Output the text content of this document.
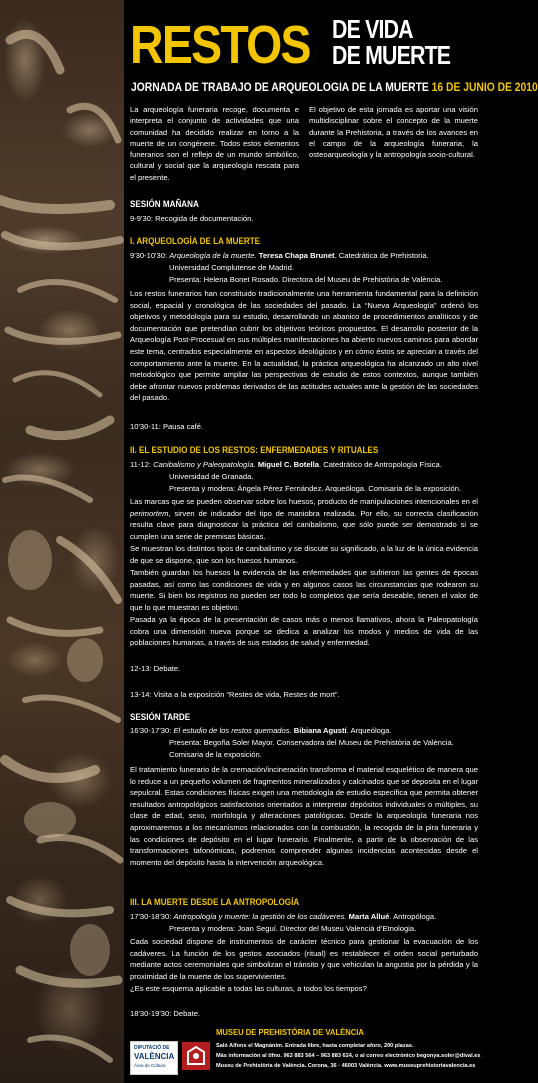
RESTOS DE VIDA

DE MUERTE

JORNADA DE TRABAJO DE ARQUEOLOGIA DE LA MUERTE 16 DE JUNIO DE 2010

La arqueología funeraria recoge, documenta e interpreta el conjunto de actividades que una comunidad ha decidido realizar en torno a la muerte de un congénere. Todos estos elementos funerarios son el reflejo de un mundo simbólico, cultural y social que la arqueología rescata para el presente.
El objetivo de esta jornada es aportar una visión multidisciplinar sobre el concepto de la muerte durante la Prehistoria, a través de los avances en el campo de la arqueología funeraria, la osteoarqueología y la antropología socio-cultural.

SESIÓN MAÑANA

9-9'30: Recogida de documentación.

I. ARQUEOLOGÍA DE LA MUERTE

9'30-10'30: Arqueología de la muerte. Teresa Chapa Brunet. Catedrática de Prehistoria.

Universidad Complutense de Madrid.

Presenta: Helena Bonet Rosado. Directora del Museu de Prehistòria de València.

Los restos funerarios han constituido tradicionalmente una herramienta fundamental para la definición social, espacial y cronológica de las sociedades del pasado. La “Nueva Arqueología” ordenó los objetivos y metodología para su estudio, desarrollando un abanico de procedimientos analíticos y de documentación que pretendían cubrir los objetivos teóricos propuestos. El desarrollo posterior de la Arqueología Post-Procesual en sus múltiples manifestaciones ha abierto nuevos caminos para abordar este tema, centrados especialmente en aspectos ideológicos y en cómo éstos se aprecian a través del comportamiento ante la muerte. En la actualidad, la práctica arqueológica ha alcanzado un alto nivel metodológico que permite ampliar las perspectivas de estudio de estos contextos, aunque también debe afrontar nuevos problemas derivados de las actitudes actuales ante la gestión de las sociedades del pasado.

10'30-11: Pausa café.

II. EL ESTUDIO DE LOS RESTOS: ENFERMEDADES Y RITUALES

11-12: Canibalismo y Paleopatología. Miguel C. Botella. Catedrático de Antropología Física.

Universidad de Granada.

Presenta y modera: Ángela Pérez Fernández. Arqueóloga. Comisaria de la exposición.

Las marcas que se pueden observar sobre los huesos, producto de manipulaciones intencionales en el perimortem, sirven de indicador del tipo de maniobra realizada. Por ello, su correcta clasificación resulta clave para diagnosticar la práctica del canibalismo, que sólo puede ser demostrado si se cumplen una serie de premisas básicas.
Se muestran los distintos tipos de canibalismo y se discute su significado, a la luz de la única evidencia de que se dispone, que son los huesos humanos.
También guardan los huesos la evidencia de las enfermedades que sufrieron las gentes de épocas pasadas, así como las condiciones de vida y en algunos casos las circunstancias que rodearon su muerte. Si bien los registros no pueden ser todo lo completos que sería deseable, tienen el valor de que lo que muestran es objetivo.
Pasada ya la época de la presentación de casos más o menos llamativos, ahora la Paleopatología cobra una dimensión nueva porque se dedica a analizar los modos y medios de vida de las poblaciones humanas, a través de sus estados de salud y enfermedad.

12-13: Debate.

13-14: Visita a la exposición “Restes de vida, Restes de mort”.

SESIÓN TARDE

16'30-17'30: El estudio de los restos quemados. Bibiana Agustí. Arqueóloga.

Presenta: Begoña Soler Mayor. Conservadora del Museu de Prehistòria de València.

Comisaria de la exposición.

El tratamiento funerario de la cremación/incineración transforma el material esquelético de manera que lo reduce a un pequeño volumen de fragmentos mineralizados y calcinados que se deposita en el lugar sepulcral. Estas condiciones físicas exigen una metodología de estudio específica que permita obtener resultados antropológicos satisfactorios orientados a interpretar depósitos individuales o múltiples, su clase de edad, sexo, morfología y alteraciones patológicas. Desde la arqueología funeraria nos aproximaremos a los mecanismos relacionados con la combustión, la recogida de la pira funeraria y las condiciones de depósito en el lugar funerario. Finalmente, a partir de la observación de las transformaciones tafonómicas, podremos comprender algunas incidencias acontecidas desde el momento del depósito hasta la intervención arqueológica.

III. LA MUERTE DESDE LA ANTROPOLOGÍA

17'30-18'30: Antropología y muerte: la gestión de los cadáveres. Marta Allué. Antropóloga.

Presenta y modera: Joan Seguí. Director del Museu Valencià d’Etnologia.

Cada sociedad dispone de instrumentos de carácter técnico para gestionar la evacuación de los cadáveres. La función de los gestos asociados (ritual) es restablecer el orden social perturbado mediante actos ceremoniales que simbolizan el tránsito y que vehiculan la angustia por la pérdida y la proximidad de la muerte de los supervivientes.

¿Es este esquema aplicable a todas las culturas, a todos los tiempos?

18'30-19'30: Debate.

MUSEU DE PREHISTÒRIA DE VALÈNCIA

DIPUTACIÓ DE

VALÈNCIA

Àrea de Cultura

Saló Alfons el Magnànim. Entrada libre, hasta completar aforo, 200 plazas.

Más información al tlfno. 963 883 564 – 963 883 624, o al correo electrónico begonya.soler@dival.es

Museu de Prehistòria de València. Corona, 36 · 46003 València. www.museuprehistoriavalencia.es
